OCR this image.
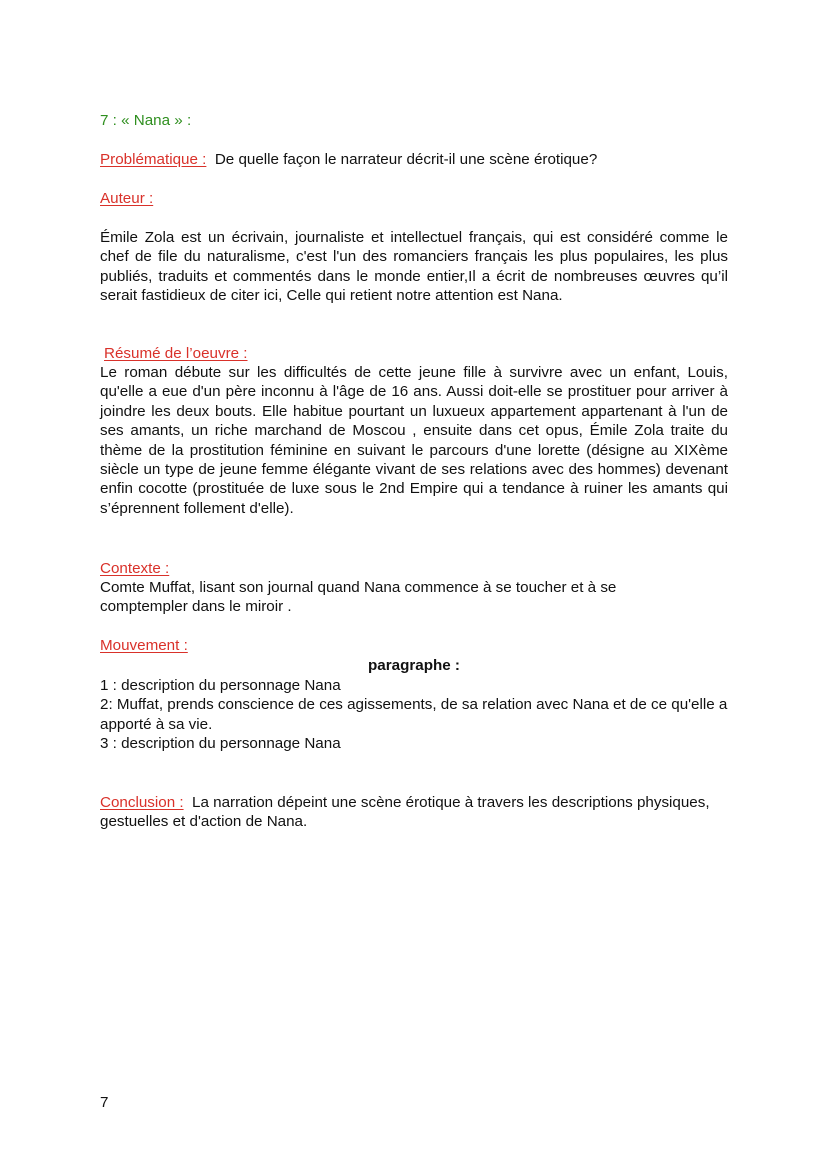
7 : « Nana » :
Problématique : De quelle façon le narrateur décrit-il une scène érotique?
Auteur :

Émile Zola est un écrivain, journaliste et intellectuel français, qui est considéré comme le chef de file du naturalisme, c'est l'un des romanciers français les plus populaires, les plus publiés, traduits et commentés dans le monde entier,Il a écrit de nombreuses œuvres qu’il serait fastidieux de citer ici, Celle qui retient notre attention est Nana.

Résumé de l’oeuvre :

Le roman débute sur les difficultés de cette jeune fille à survivre avec un enfant, Louis, qu'elle a eue d'un père inconnu à l'âge de 16 ans. Aussi doit-elle se prostituer pour arriver à joindre les deux bouts. Elle habitue pourtant un luxueux appartement appartenant à l'un de ses amants, un riche marchand de Moscou , ensuite dans cet opus, Émile Zola traite du thème de la prostitution féminine en suivant le parcours d'une lorette (désigne au XIXème siècle un type de jeune femme élégante vivant de ses relations avec des hommes) devenant enfin cocotte (prostituée de luxe sous le 2nd Empire qui a tendance à ruiner les amants qui s’éprennent follement d'elle).

Contexte :

Comte Muffat, lisant son journal quand Nana commence à se toucher et à se

comptempler dans le miroir .

Mouvement :
paragraphe :

1 : description du personnage Nana

2: Muffat, prends conscience de ces agissements, de sa relation avec Nana et de ce qu'elle a apporté à sa vie.

3 : description du personnage Nana

Conclusion : La narration dépeint une scène érotique à travers les descriptions physiques, gestuelles et d'action de Nana.
7
